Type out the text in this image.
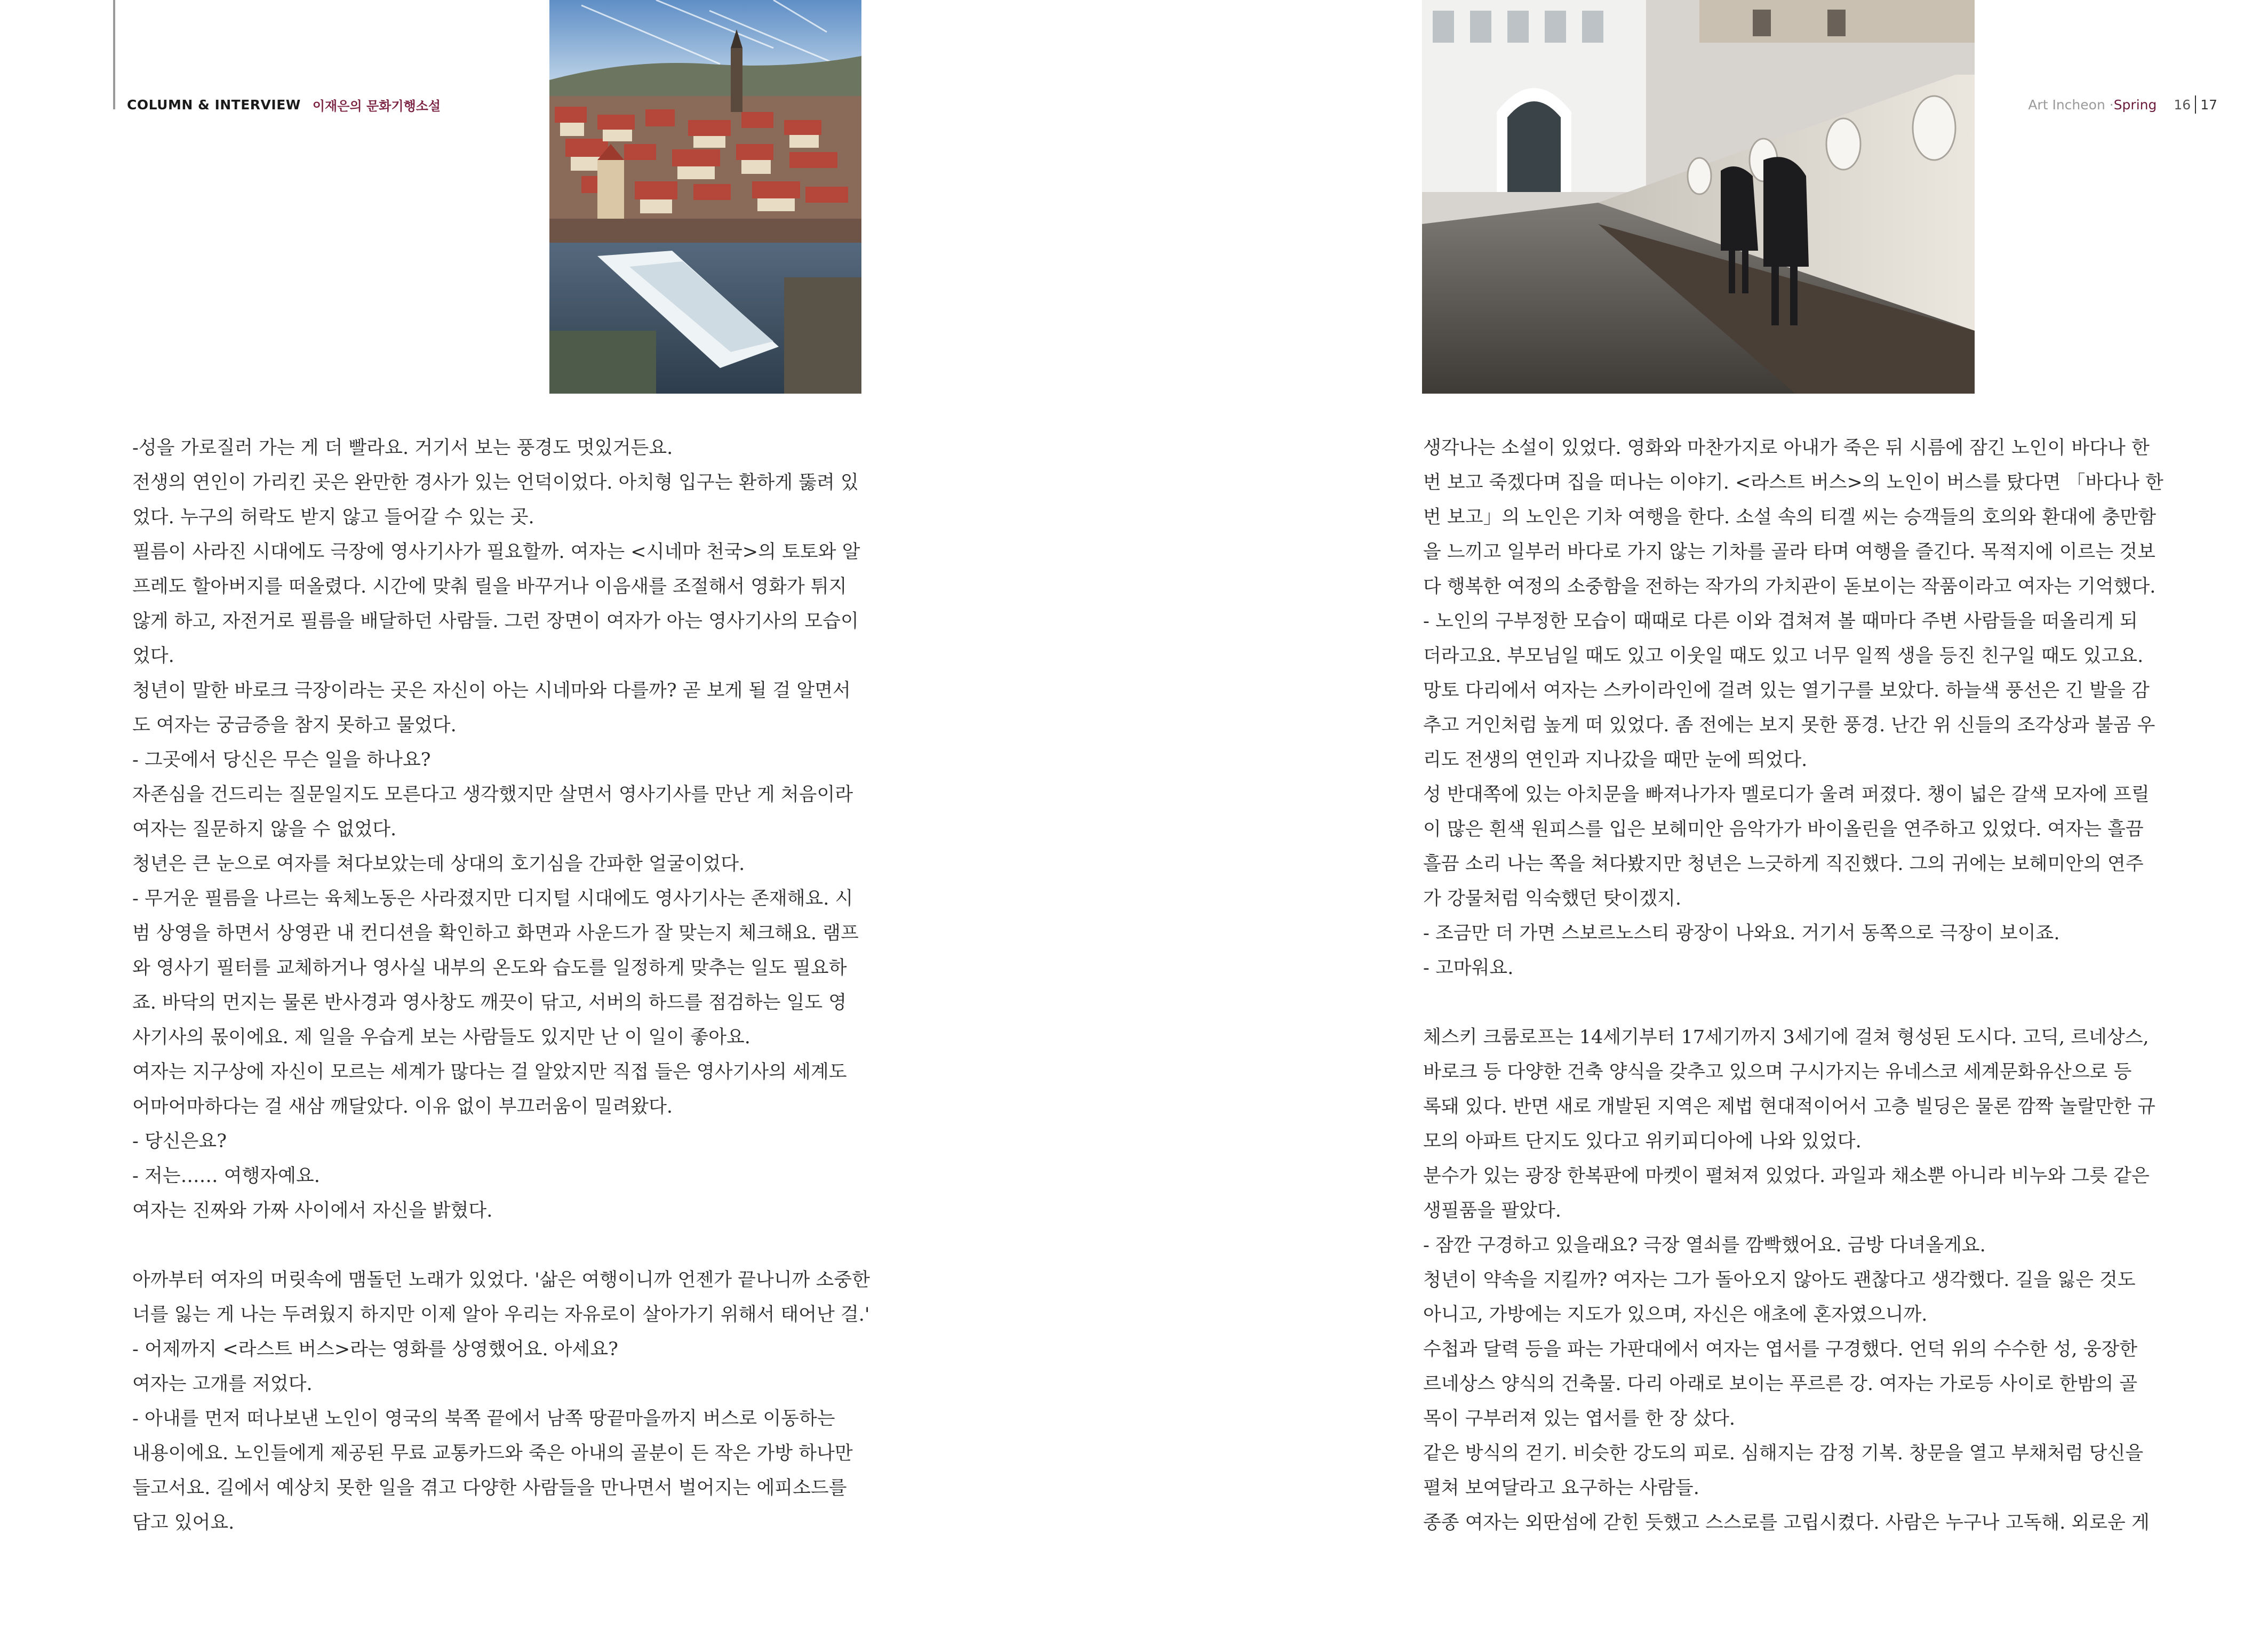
COLUMN & INTERVIEW 이재은의 문화기행소설

-성을 가로질러 가는 게 더 빨라요. 거기서 보는 풍경도 멋있거든요.

전생의 연인이 가리킨 곳은 완만한 경사가 있는 언덕이었다. 아치형 입구는 환하게 뚫려 있

었다. 누구의 허락도 받지 않고 들어갈 수 있는 곳.

필름이 사라진 시대에도 극장에 영사기사가 필요할까. 여자는 <시네마 천국>의 토토와 알

프레도 할아버지를 떠올렸다. 시간에 맞춰 릴을 바꾸거나 이음새를 조절해서 영화가 튀지

않게 하고, 자전거로 필름을 배달하던 사람들. 그런 장면이 여자가 아는 영사기사의 모습이

었다.

청년이 말한 바로크 극장이라는 곳은 자신이 아는 시네마와 다를까? 곧 보게 될 걸 알면서

도 여자는 궁금증을 참지 못하고 물었다.

- 그곳에서 당신은 무슨 일을 하나요?

자존심을 건드리는 질문일지도 모른다고 생각했지만 살면서 영사기사를 만난 게 처음이라

여자는 질문하지 않을 수 없었다.

청년은 큰 눈으로 여자를 쳐다보았는데 상대의 호기심을 간파한 얼굴이었다.

- 무거운 필름을 나르는 육체노동은 사라졌지만 디지털 시대에도 영사기사는 존재해요. 시

범 상영을 하면서 상영관 내 컨디션을 확인하고 화면과 사운드가 잘 맞는지 체크해요. 램프

와 영사기 필터를 교체하거나 영사실 내부의 온도와 습도를 일정하게 맞추는 일도 필요하

죠. 바닥의 먼지는 물론 반사경과 영사창도 깨끗이 닦고, 서버의 하드를 점검하는 일도 영

사기사의 몫이에요. 제 일을 우습게 보는 사람들도 있지만 난 이 일이 좋아요.

여자는 지구상에 자신이 모르는 세계가 많다는 걸 알았지만 직접 들은 영사기사의 세계도

어마어마하다는 걸 새삼 깨달았다. 이유 없이 부끄러움이 밀려왔다.

- 당신은요?

- 저는…… 여행자예요.

여자는 진짜와 가짜 사이에서 자신을 밝혔다.

아까부터 여자의 머릿속에 맴돌던 노래가 있었다. '삶은 여행이니까 언젠가 끝나니까 소중한

너를 잃는 게 나는 두려웠지 하지만 이제 알아 우리는 자유로이 살아가기 위해서 태어난 걸.'

- 어제까지 <라스트 버스>라는 영화를 상영했어요. 아세요?

여자는 고개를 저었다.

- 아내를 먼저 떠나보낸 노인이 영국의 북쪽 끝에서 남쪽 땅끝마을까지 버스로 이동하는

내용이에요. 노인들에게 제공된 무료 교통카드와 죽은 아내의 골분이 든 작은 가방 하나만

들고서요. 길에서 예상치 못한 일을 겪고 다양한 사람들을 만나면서 벌어지는 에피소드를

담고 있어요.

Art Incheon · Spring 16 17

생각나는 소설이 있었다. 영화와 마찬가지로 아내가 죽은 뒤 시름에 잠긴 노인이 바다나 한

번 보고 죽겠다며 집을 떠나는 이야기. <라스트 버스>의 노인이 버스를 탔다면 「바다나 한

번 보고」의 노인은 기차 여행을 한다. 소설 속의 티겔 씨는 승객들의 호의와 환대에 충만함

을 느끼고 일부러 바다로 가지 않는 기차를 골라 타며 여행을 즐긴다. 목적지에 이르는 것보

다 행복한 여정의 소중함을 전하는 작가의 가치관이 돋보이는 작품이라고 여자는 기억했다.

- 노인의 구부정한 모습이 때때로 다른 이와 겹쳐져 볼 때마다 주변 사람들을 떠올리게 되

더라고요. 부모님일 때도 있고 이웃일 때도 있고 너무 일찍 생을 등진 친구일 때도 있고요.

망토 다리에서 여자는 스카이라인에 걸려 있는 열기구를 보았다. 하늘색 풍선은 긴 발을 감

추고 거인처럼 높게 떠 있었다. 좀 전에는 보지 못한 풍경. 난간 위 신들의 조각상과 불곰 우

리도 전생의 연인과 지나갔을 때만 눈에 띄었다.

성 반대쪽에 있는 아치문을 빠져나가자 멜로디가 울려 퍼졌다. 챙이 넓은 갈색 모자에 프릴

이 많은 흰색 원피스를 입은 보헤미안 음악가가 바이올린을 연주하고 있었다. 여자는 흘끔

흘끔 소리 나는 쪽을 쳐다봤지만 청년은 느긋하게 직진했다. 그의 귀에는 보헤미안의 연주

가 강물처럼 익숙했던 탓이겠지.

- 조금만 더 가면 스보르노스티 광장이 나와요. 거기서 동쪽으로 극장이 보이죠.

- 고마워요.

체스키 크룸로프는 14세기부터 17세기까지 3세기에 걸쳐 형성된 도시다. 고딕, 르네상스,

바로크 등 다양한 건축 양식을 갖추고 있으며 구시가지는 유네스코 세계문화유산으로 등

록돼 있다. 반면 새로 개발된 지역은 제법 현대적이어서 고층 빌딩은 물론 깜짝 놀랄만한 규

모의 아파트 단지도 있다고 위키피디아에 나와 있었다.

분수가 있는 광장 한복판에 마켓이 펼쳐져 있었다. 과일과 채소뿐 아니라 비누와 그릇 같은

생필품을 팔았다.

- 잠깐 구경하고 있을래요? 극장 열쇠를 깜빡했어요. 금방 다녀올게요.

청년이 약속을 지킬까? 여자는 그가 돌아오지 않아도 괜찮다고 생각했다. 길을 잃은 것도

아니고, 가방에는 지도가 있으며, 자신은 애초에 혼자였으니까.

수첩과 달력 등을 파는 가판대에서 여자는 엽서를 구경했다. 언덕 위의 수수한 성, 웅장한

르네상스 양식의 건축물. 다리 아래로 보이는 푸르른 강. 여자는 가로등 사이로 한밤의 골

목이 구부러져 있는 엽서를 한 장 샀다.

같은 방식의 걷기. 비슷한 강도의 피로. 심해지는 감정 기복. 창문을 열고 부채처럼 당신을

펼쳐 보여달라고 요구하는 사람들.

종종 여자는 외딴섬에 갇힌 듯했고 스스로를 고립시켰다. 사람은 누구나 고독해. 외로운 게
